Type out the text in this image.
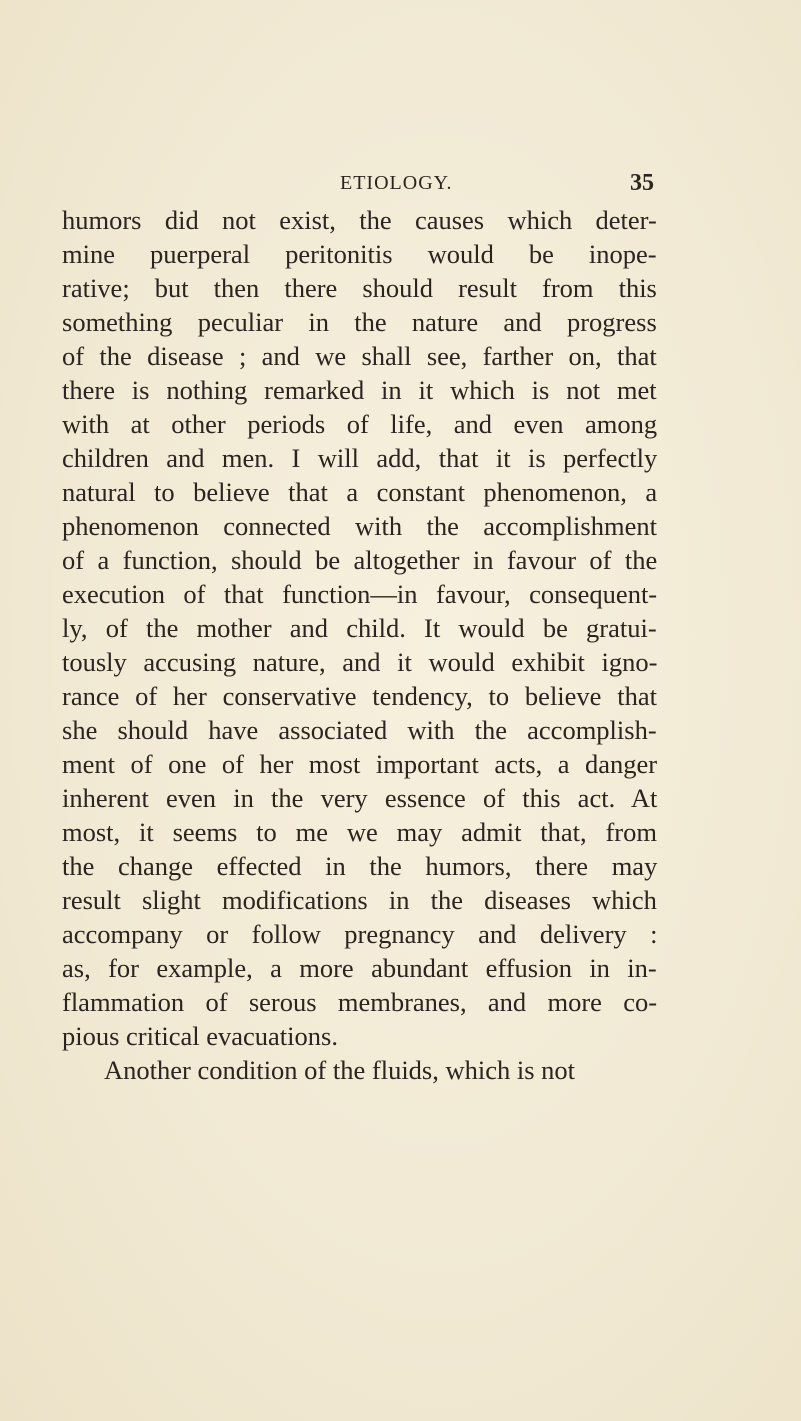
ETIOLOGY.	35
humors did not exist, the causes which deter-
mine puerperal peritonitis would be inope-
rative; but then there should result from this
something peculiar in the nature and progress
of the disease ; and we shall see, farther on, that
there is nothing remarked in it which is not met
with at other periods of life, and even among
children and men. I will add, that it is perfectly
natural to believe that a constant phenomenon, a
phenomenon connected with the accomplishment
of a function, should be altogether in favour of the
execution of that function—in favour, consequent-
ly, of the mother and child. It would be gratui-
tously accusing nature, and it would exhibit igno-
rance of her conservative tendency, to believe that
she should have associated with the accomplish-
ment of one of her most important acts, a danger
inherent even in the very essence of this act. At
most, it seems to me we may admit that, from
the change effected in the humors, there may
result slight modifications in the diseases which
accompany or follow pregnancy and delivery :
as, for example, a more abundant effusion in in-
flammation of serous membranes, and more co-
pious critical evacuations.
Another condition of the fluids, which is not
